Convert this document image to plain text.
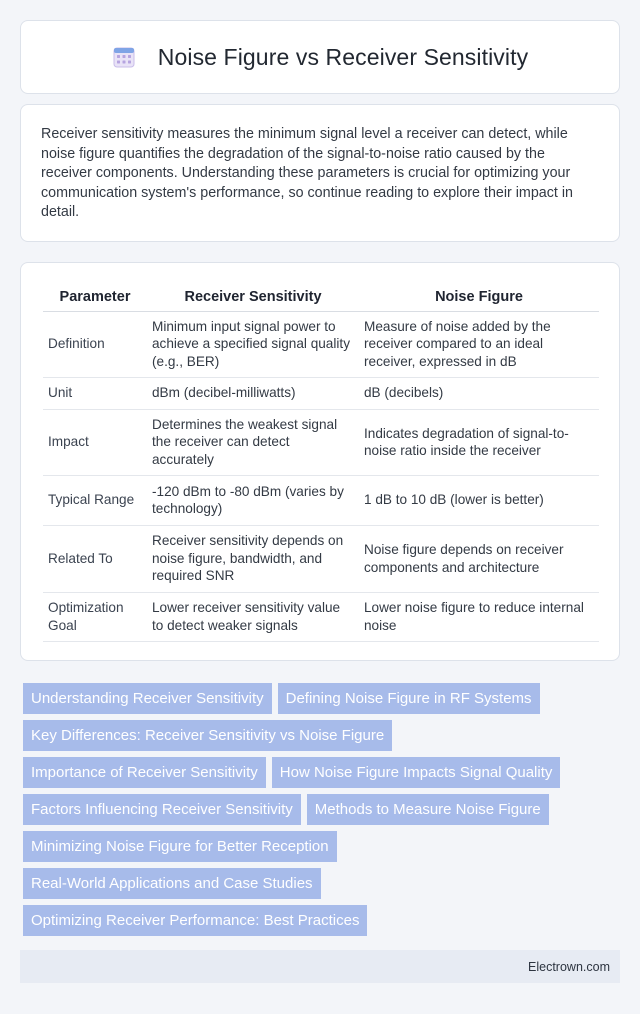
Noise Figure vs Receiver Sensitivity

Receiver sensitivity measures the minimum signal level a receiver can detect, while noise figure quantifies the degradation of the signal-to-noise ratio caused by the receiver components. Understanding these parameters is crucial for optimizing your communication system's performance, so continue reading to explore their impact in detail.

Parameter	Receiver Sensitivity	Noise Figure
Definition	Minimum input signal power to achieve a specified signal quality (e.g., BER)	Measure of noise added by the receiver compared to an ideal receiver, expressed in dB
Unit	dBm (decibel-milliwatts)	dB (decibels)
Impact	Determines the weakest signal the receiver can detect accurately	Indicates degradation of signal-to-noise ratio inside the receiver
Typical Range	-120 dBm to -80 dBm (varies by technology)	1 dB to 10 dB (lower is better)
Related To	Receiver sensitivity depends on noise figure, bandwidth, and required SNR	Noise figure depends on receiver components and architecture
Optimization Goal	Lower receiver sensitivity value to detect weaker signals	Lower noise figure to reduce internal noise
Understanding Receiver Sensitivity	Defining Noise Figure in RF Systems
Key Differences: Receiver Sensitivity vs Noise Figure
Importance of Receiver Sensitivity	How Noise Figure Impacts Signal Quality
Factors Influencing Receiver Sensitivity	Methods to Measure Noise Figure
Minimizing Noise Figure for Better Reception
Real-World Applications and Case Studies
Optimizing Receiver Performance: Best Practices
Electrown.com
